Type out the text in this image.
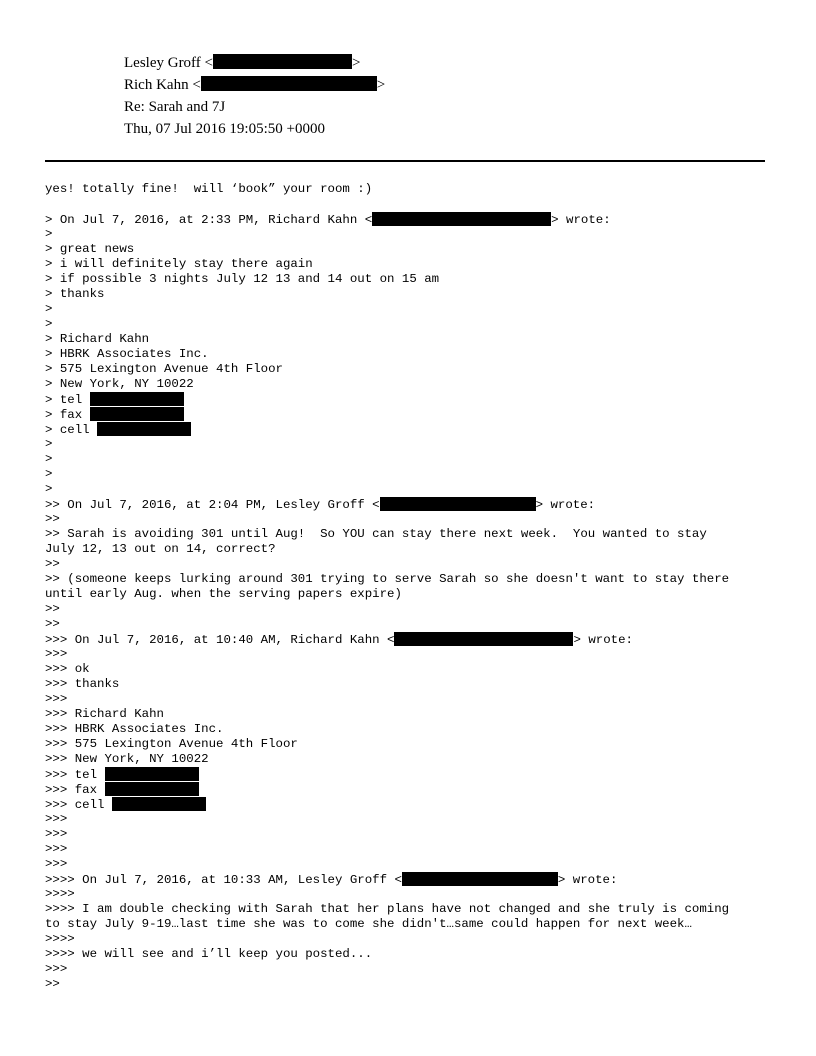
Lesley Groff <	>
Rich Kahn <	>
Re: Sarah and 7J
Thu, 07 Jul 2016 19:05:50 +0000
yes! totally fine!  will ‘book” your room :)
> On Jul 7, 2016, at 2:33 PM, Richard Kahn <	> wrote:
>
> great news
> i will definitely stay there again
> if possible 3 nights July 12 13 and 14 out on 15 am
> thanks
>
>
> Richard Kahn
> HBRK Associates Inc.
> 575 Lexington Avenue 4th Floor
> New York, NY 10022
> tel
> fax
> cell
>
>
>
>
>> On Jul 7, 2016, at 2:04 PM, Lesley Groff <	> wrote:
>>
>> Sarah is avoiding 301 until Aug!  So YOU can stay there next week.  You wanted to stay
July 12, 13 out on 14, correct?
>>
>> (someone keeps lurking around 301 trying to serve Sarah so she doesn't want to stay there
until early Aug. when the serving papers expire)
>>
>>
>>> On Jul 7, 2016, at 10:40 AM, Richard Kahn <	> wrote:
>>>
>>> ok
>>> thanks
>>>
>>> Richard Kahn
>>> HBRK Associates Inc.
>>> 575 Lexington Avenue 4th Floor
>>> New York, NY 10022
>>> tel
>>> fax
>>> cell
>>>
>>>
>>>
>>>
>>>> On Jul 7, 2016, at 10:33 AM, Lesley Groff <	> wrote:
>>>>
>>>> I am double checking with Sarah that her plans have not changed and she truly is coming
to stay July 9-19…last time she was to come she didn't…same could happen for next week…
>>>>
>>>> we will see and i’ll keep you posted...
>>>
>>
